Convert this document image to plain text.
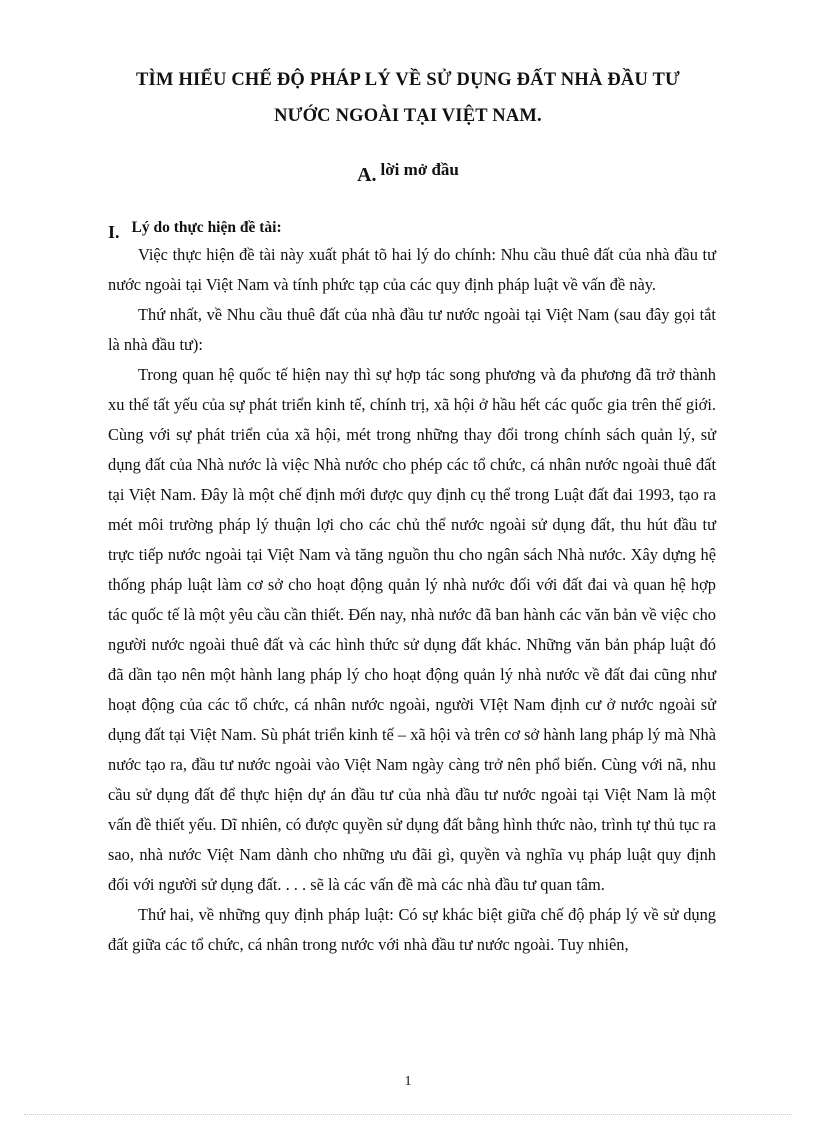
TÌM HIỂU CHẾ ĐỘ PHÁP LÝ VỀ SỬ DỤNG ĐẤT NHÀ ĐẦU TƯ
NƯỚC NGOÀI TẠI VIỆT NAM.
A. lời mở đầu
I. Lý do thực hiện đề tài:

Việc thực hiện đề tài này xuất phát tõ hai lý do chính: Nhu cầu thuê đất của nhà đầu tư nước ngoài tại Việt Nam và tính phức tạp của các quy định pháp luật về vấn đề này.

Thứ nhất, về Nhu cầu thuê đất của nhà đầu tư nước ngoài tại Việt Nam (sau đây gọi tắt là nhà đầu tư):

Trong quan hệ quốc tế hiện nay thì sự hợp tác song phương và đa phương đã trở thành xu thế tất yếu của sự phát triển kinh tế, chính trị, xã hội ở hầu hết các quốc gia trên thế giới. Cùng với sự phát triển của xã hội, mét trong những thay đổi trong chính sách quản lý, sử dụng đất của Nhà nước là việc Nhà nước cho phép các tổ chức, cá nhân nước ngoài thuê đất tại Việt Nam. Đây là một chế định mới được quy định cụ thể trong Luật đất đai 1993, tạo ra mét môi trường pháp lý thuận lợi cho các chủ thể nước ngoài sử dụng đất, thu hút đầu tư trực tiếp nước ngoài tại Việt Nam và tăng nguồn thu cho ngân sách Nhà nước. Xây dựng hệ thống pháp luật làm cơ sở cho hoạt động quản lý nhà nước đối với đất đai và quan hệ hợp tác quốc tế là một yêu cầu cần thiết. Đến nay, nhà nước đã ban hành các văn bản về việc cho người nước ngoài thuê đất và các hình thức sử dụng đất khác. Những văn bản pháp luật đó đã dần tạo nên một hành lang pháp lý cho hoạt động quản lý nhà nước về đất đai cũng như hoạt động của các tổ chức, cá nhân nước ngoài, người VIệt Nam định cư ở nước ngoài sử dụng đất tại Việt Nam. Sù phát triển kinh tế – xã hội và trên cơ sở hành lang pháp lý mà Nhà nước tạo ra, đầu tư nước ngoài vào Việt Nam ngày càng trở nên phổ biến. Cùng với nã, nhu cầu sử dụng đất để thực hiện dự án đầu tư của nhà đầu tư nước ngoài tại Việt Nam là một vấn đề thiết yếu. Dĩ nhiên, có được quyền sử dụng đất bằng hình thức nào, trình tự thủ tục ra sao, nhà nước Việt Nam dành cho những ưu đãi gì, quyền và nghĩa vụ pháp luật quy định đối với người sử dụng đất. . . . sẽ là các vấn đề mà các nhà đầu tư quan tâm.

Thứ hai, về những quy định pháp luật: Có sự khác biệt giữa chế độ pháp lý về sử dụng đất giữa các tổ chức, cá nhân trong nước với nhà đầu tư nước ngoài. Tuy nhiên,

1
